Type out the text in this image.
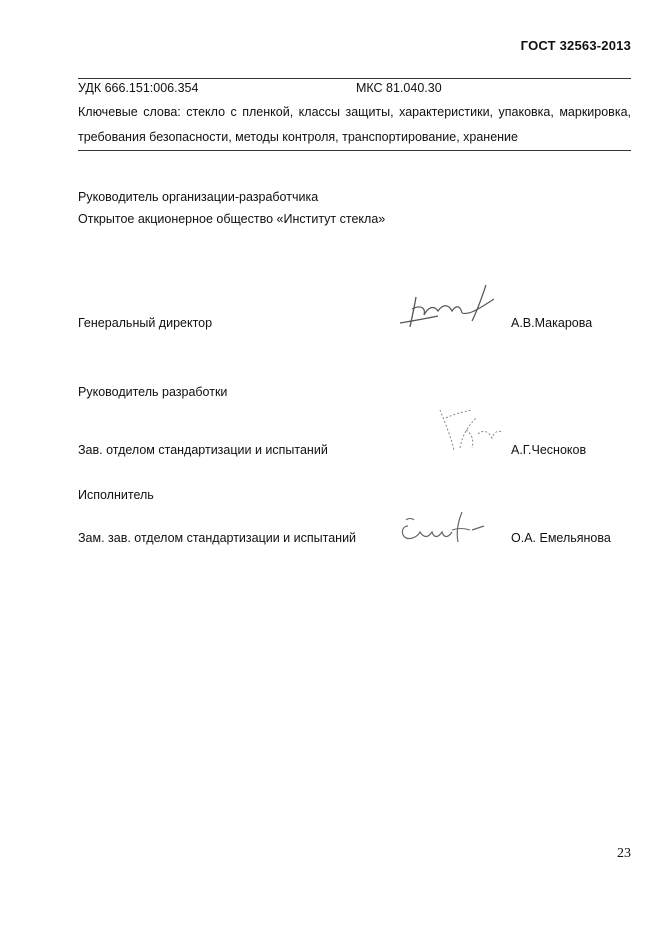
ГОСТ 32563-2013
УДК 666.151:006.354	МКС 81.040.30
Ключевые слова: стекло с пленкой, классы защиты, характеристики, упаковка, маркировка, требования безопасности, методы контроля, транспортирование, хранение
Руководитель организации-разработчика
Открытое акционерное общество «Институт стекла»
Генеральный директор	А.В.Макарова
Руководитель разработки
Зав. отделом стандартизации и испытаний	А.Г.Чесноков
Исполнитель
Зам. зав. отделом стандартизации и испытаний	О.А. Емельянова
23
